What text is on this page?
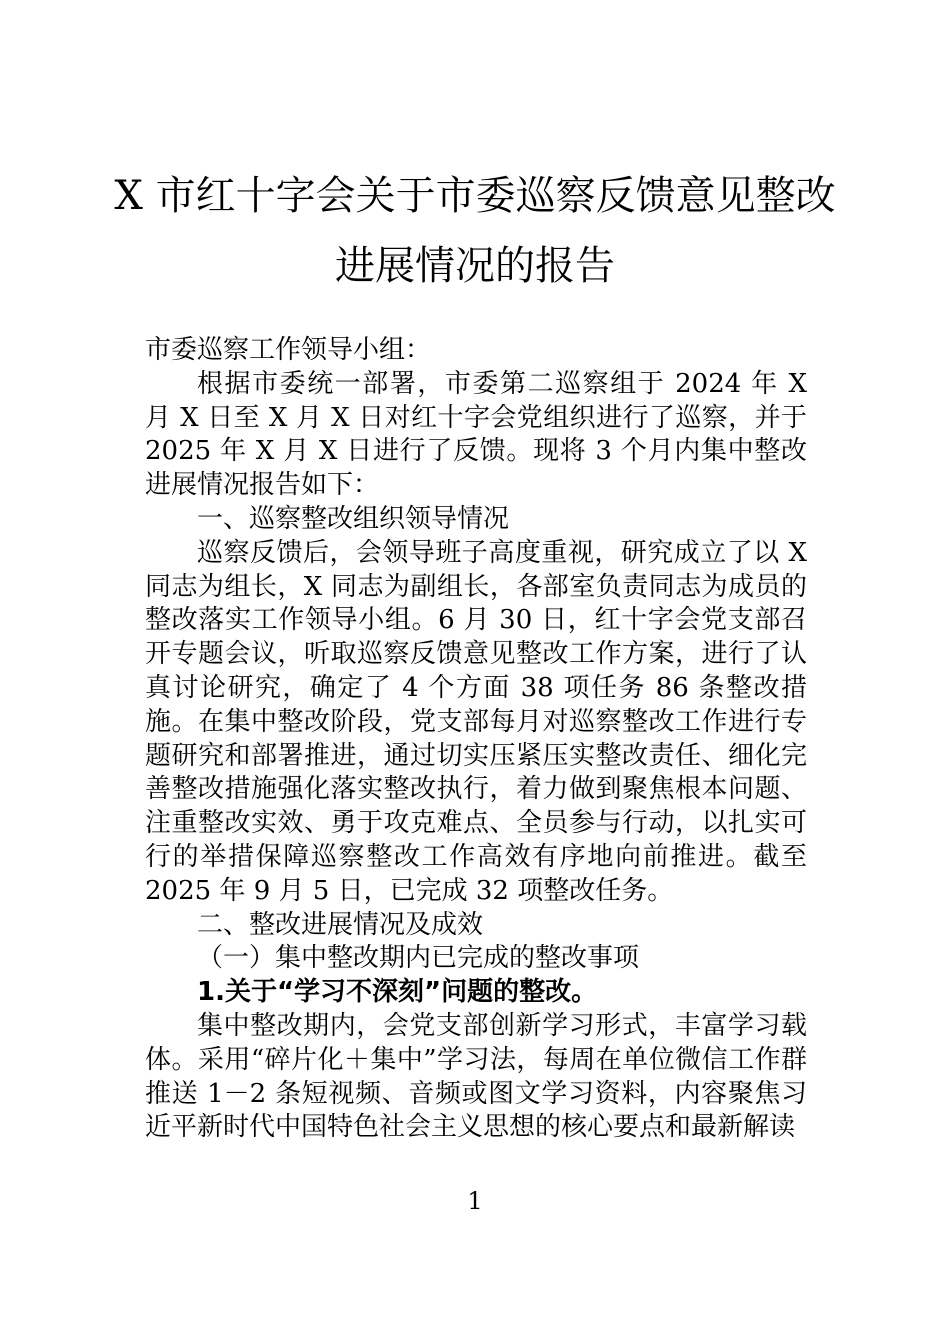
X 市红十字会关于市委巡察反馈意见整改
进展情况的报告

市委巡察工作领导小组：

根据市委统一部署，市委第二巡察组于 2024 年 X 月 X 日至 X 月 X 日对红十字会党组织进行了巡察，并于 2025 年 X 月 X 日进行了反馈。现将 3 个月内集中整改进展情况报告如下：

一、巡察整改组织领导情况

巡察反馈后，会领导班子高度重视，研究成立了以 X 同志为组长，X 同志为副组长，各部室负责同志为成员的整改落实工作领导小组。6 月 30 日，红十字会党支部召开专题会议，听取巡察反馈意见整改工作方案，进行了认真讨论研究，确定了 4 个方面 38 项任务 86 条整改措施。在集中整改阶段，党支部每月对巡察整改工作进行专题研究和部署推进，通过切实压紧压实整改责任、细化完善整改措施强化落实整改执行，着力做到聚焦根本问题、注重整改实效、勇于攻克难点、全员参与行动，以扎实可行的举措保障巡察整改工作高效有序地向前推进。截至 2025 年 9 月 5 日，已完成 32 项整改任务。

二、整改进展情况及成效

（一）集中整改期内已完成的整改事项

1.关于“学习不深刻”问题的整改。

集中整改期内，会党支部创新学习形式，丰富学习载体。采用“碎片化＋集中”学习法，每周在单位微信工作群推送 1－2 条短视频、音频或图文学习资料，内容聚焦习近平新时代中国特色社会主义思想的核心要点和最新解读

1
